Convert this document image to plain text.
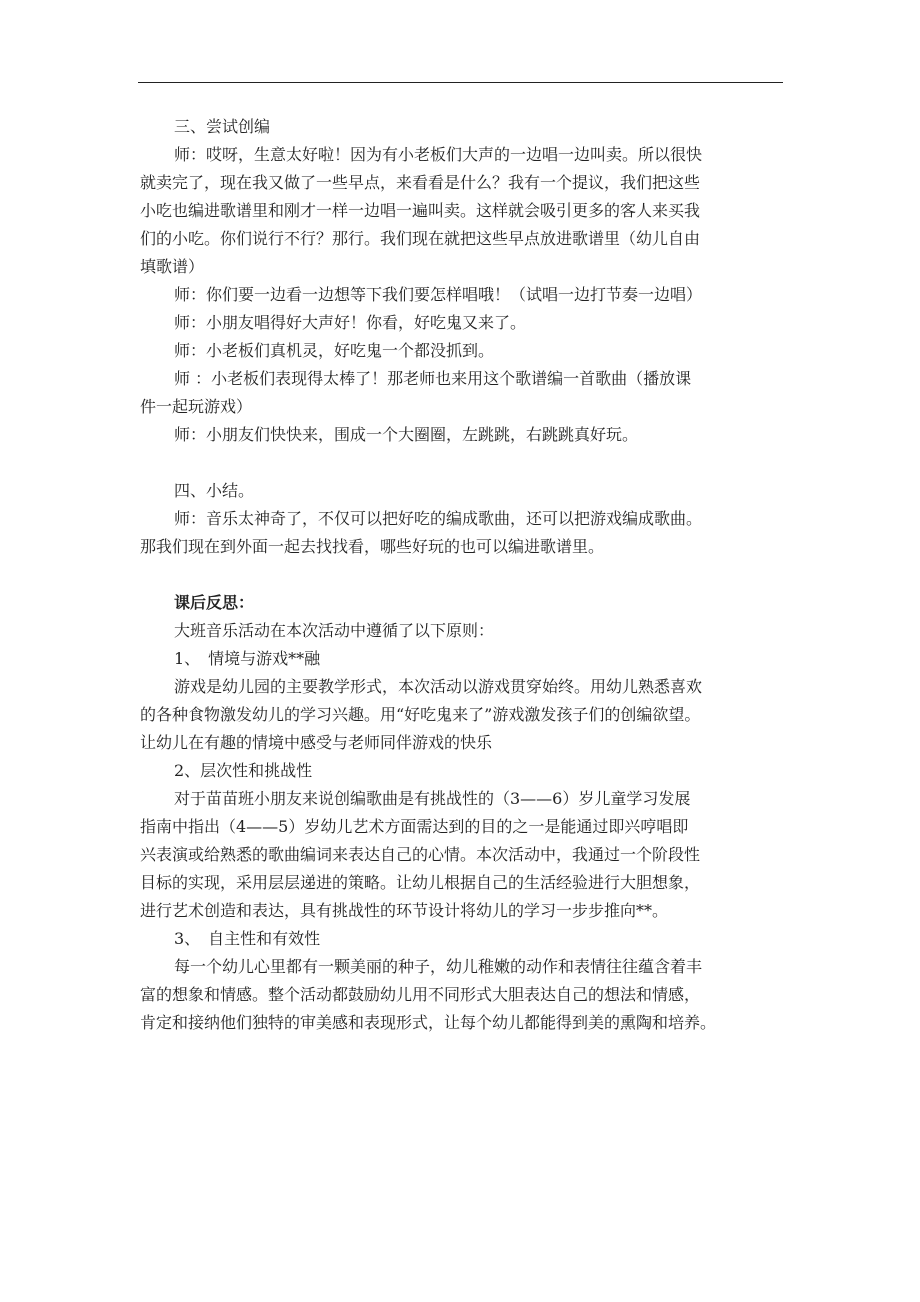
三、尝试创编

师：哎呀，生意太好啦！因为有小老板们大声的一边唱一边叫卖。所以很快
就卖完了，现在我又做了一些早点，来看看是什么？我有一个提议，我们把这些
小吃也编进歌谱里和刚才一样一边唱一遍叫卖。这样就会吸引更多的客人来买我
们的小吃。你们说行不行？那行。我们现在就把这些早点放进歌谱里（幼儿自由
填歌谱）

师：你们要一边看一边想等下我们要怎样唱哦！（试唱一边打节奏一边唱）

师：小朋友唱得好大声好！你看，好吃鬼又来了。

师：小老板们真机灵，好吃鬼一个都没抓到。

师 ：小老板们表现得太棒了！那老师也来用这个歌谱编一首歌曲（播放课
件一起玩游戏）

师：小朋友们快快来，围成一个大圈圈，左跳跳，右跳跳真好玩。

四、小结。

师：音乐太神奇了，不仅可以把好吃的编成歌曲，还可以把游戏编成歌曲。
那我们现在到外面一起去找找看，哪些好玩的也可以编进歌谱里。

课后反思：

大班音乐活动在本次活动中遵循了以下原则：

1、　情境与游戏**融

游戏是幼儿园的主要教学形式，本次活动以游戏贯穿始终。用幼儿熟悉喜欢
的各种食物激发幼儿的学习兴趣。用“好吃鬼来了”游戏激发孩子们的创编欲望。
让幼儿在有趣的情境中感受与老师同伴游戏的快乐

2、层次性和挑战性

对于苗苗班小朋友来说创编歌曲是有挑战性的（3——6）岁儿童学习发展
指南中指出（4——5）岁幼儿艺术方面需达到的目的之一是能通过即兴哼唱即
兴表演或给熟悉的歌曲编词来表达自己的心情。本次活动中，我通过一个阶段性
目标的实现，采用层层递进的策略。让幼儿根据自己的生活经验进行大胆想象，
进行艺术创造和表达，具有挑战性的环节设计将幼儿的学习一步步推向**。

3、　自主性和有效性

每一个幼儿心里都有一颗美丽的种子，幼儿稚嫩的动作和表情往往蕴含着丰
富的想象和情感。整个活动都鼓励幼儿用不同形式大胆表达自己的想法和情感，
肯定和接纳他们独特的审美感和表现形式，让每个幼儿都能得到美的熏陶和培养。
